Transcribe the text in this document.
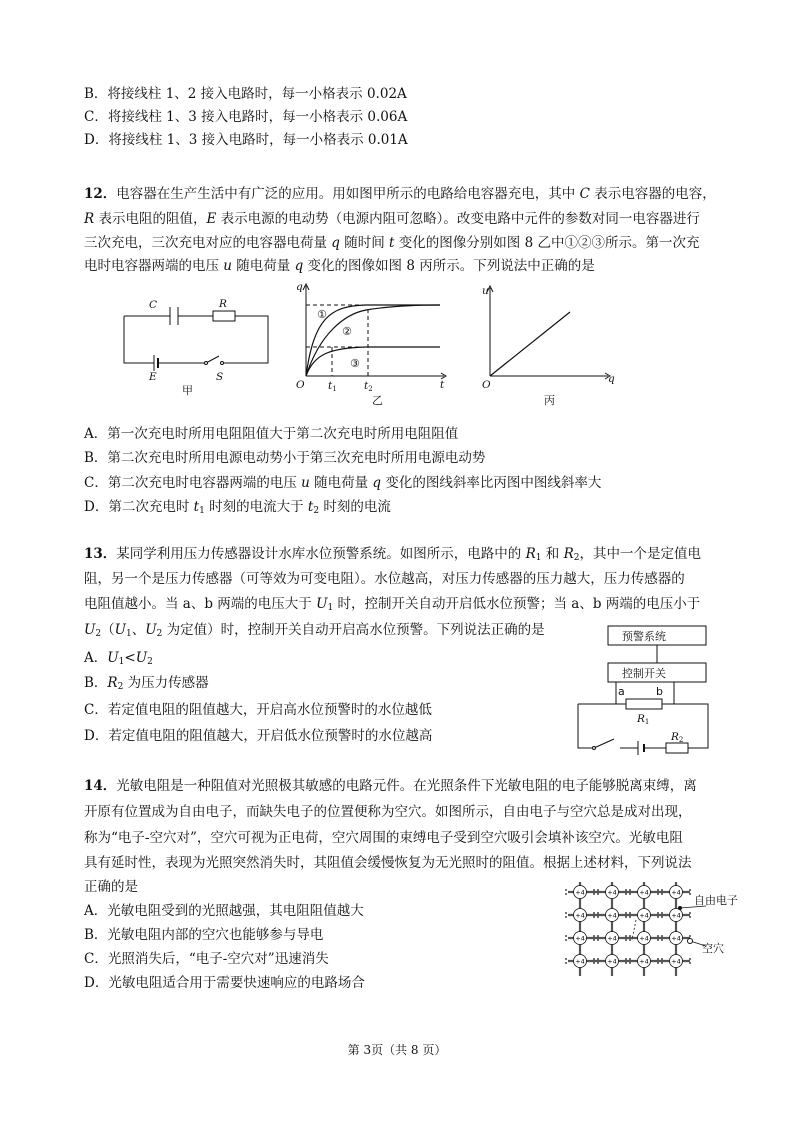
B．将接线柱 1、2 接入电路时，每一小格表示 0.02A
C．将接线柱 1、3 接入电路时，每一小格表示 0.06A
D．将接线柱 1、3 接入电路时，每一小格表示 0.01A
12．电容器在生产生活中有广泛的应用。用如图甲所示的电路给电容器充电，其中 C 表示电容器的电容，
R 表示电阻的阻值，E 表示电源的电动势（电源内阻可忽略）。改变电路中元件的参数对同一电容器进行
三次充电，三次充电对应的电容器电荷量 q 随时间 t 变化的图像分别如图 8 乙中①②③所示。第一次充
电时电容器两端的电压 u 随电荷量 q 变化的图像如图 8 丙所示。下列说法中正确的是
C	R
E	S
甲
q
t
O t1	t2
①
②
③
乙
u
q
O
丙
A．第一次充电时所用电阻阻值大于第二次充电时所用电阻阻值
B．第二次充电时所用电源电动势小于第三次充电时所用电源电动势
C．第二次充电时电容器两端的电压 u 随电荷量 q 变化的图线斜率比丙图中图线斜率大
D．第二次充电时 $t_1$ 时刻的电流大于 $t_2$ 时刻的电流
13．某同学利用压力传感器设计水库水位预警系统。如图所示，电路中的 $R_1$ 和 $R_2$，其中一个是定值电
阻，另一个是压力传感器（可等效为可变电阻）。水位越高，对压力传感器的压力越大，压力传感器的
电阻值越小。当 a、b 两端的电压大于 $U_1$ 时，控制开关自动开启低水位预警；当 a、b 两端的电压小于
$U_2(U_1$、$U_2$ 为定值）时，控制开关自动开启高水位预警。下列说法正确的是
A．$U_1<U_2$
B．$R_2$ 为压力传感器
C．若定值电阻的阻值越大，开启高水位预警时的水位越低
D．若定值电阻的阻值越大，开启低水位预警时的水位越高
预警系统
控制开关
a	b
R1
R2
14．光敏电阻是一种阻值对光照极其敏感的电路元件。在光照条件下光敏电阻的电子能够脱离束缚，离
开原有位置成为自由电子，而缺失电子的位置便称为空穴。如图所示，自由电子与空穴总是成对出现，
称为“电子-空穴对”，空穴可视为正电荷，空穴周围的束缚电子受到空穴吸引会填补该空穴。光敏电阻
具有延时性，表现为光照突然消失时，其阻值会缓慢恢复为无光照时的阻值。根据上述材料，下列说法
正确的是
A．光敏电阻受到的光照越强，其电阻阻值越大
B．光敏电阻内部的空穴也能够参与导电
C．光照消失后，“电子-空穴对”迅速消失
D．光敏电阻适合用于需要快速响应的电路场合
+4
+4
+4
+4
+4
+4
+4
+4
+4
+4
+4
+4
+4
+4
+4
+4
自由电子
空穴
第 3页（共 8 页）
